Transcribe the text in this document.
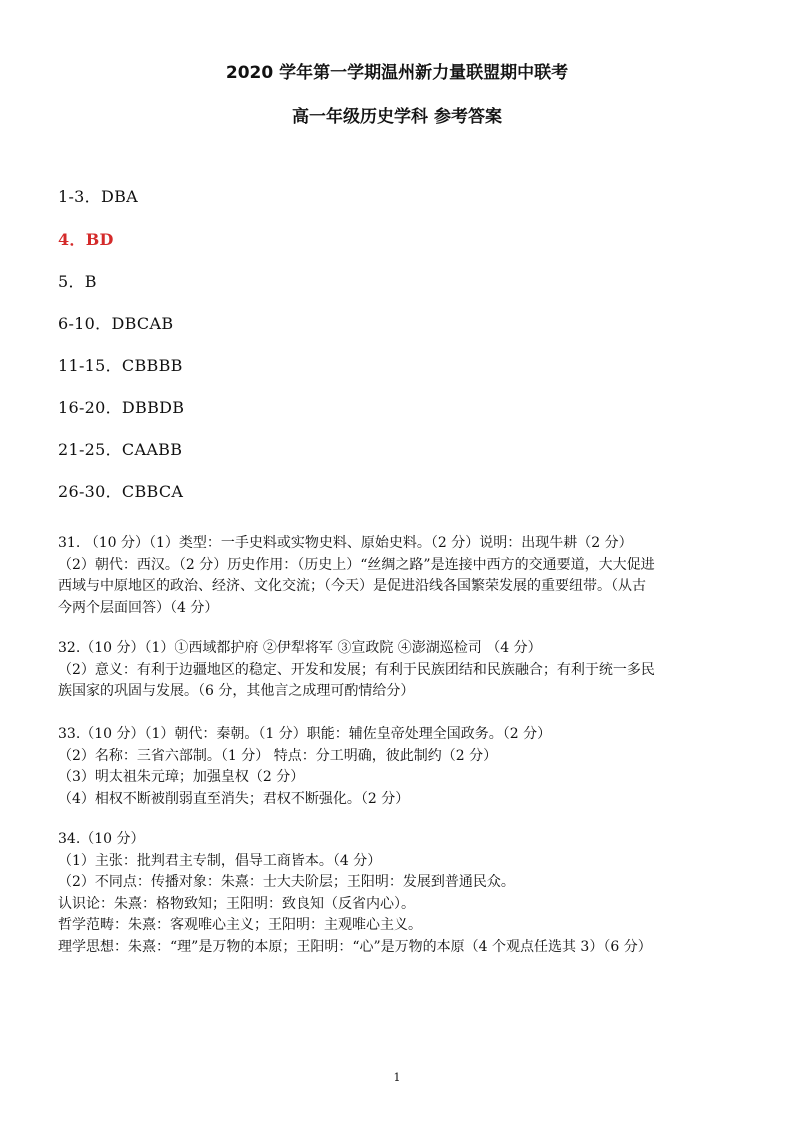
2020 学年第一学期温州新力量联盟期中联考
高一年级历史学科 参考答案
1-3．DBA
4．BD
5．B
6-10．DBCAB
11-15．CBBBB
16-20．DBBDB
21-25．CAABB
26-30．CBBCA
31. （10 分）（1）类型：一手史料或实物史料、原始史料。（2 分）说明：出现牛耕（2 分）
（2）朝代：西汉。（2 分）历史作用：（历史上）“丝绸之路”是连接中西方的交通要道，大大促进
西域与中原地区的政治、经济、文化交流；（今天）是促进沿线各国繁荣发展的重要纽带。（从古
今两个层面回答）（4 分）
32.（10 分）（1）①西域都护府 ②伊犁将军 ③宣政院 ④澎湖巡检司 （4 分）
（2）意义：有利于边疆地区的稳定、开发和发展；有利于民族团结和民族融合；有利于统一多民
族国家的巩固与发展。（6 分，其他言之成理可酌情给分）
33.（10 分）（1）朝代：秦朝。（1 分）职能：辅佐皇帝处理全国政务。（2 分）
（2）名称：三省六部制。（1 分） 特点：分工明确，彼此制约（2 分）
（3）明太祖朱元璋；加强皇权（2 分）
（4）相权不断被削弱直至消失；君权不断强化。（2 分）
34.（10 分）
（1）主张：批判君主专制，倡导工商皆本。（4 分）
（2）不同点：传播对象：朱熹：士大夫阶层；王阳明：发展到普通民众。
认识论：朱熹：格物致知；王阳明：致良知（反省内心）。
哲学范畴：朱熹：客观唯心主义；王阳明：主观唯心主义。
理学思想：朱熹：“理”是万物的本原；王阳明：“心”是万物的本原（4 个观点任选其 3）（6 分）
1
